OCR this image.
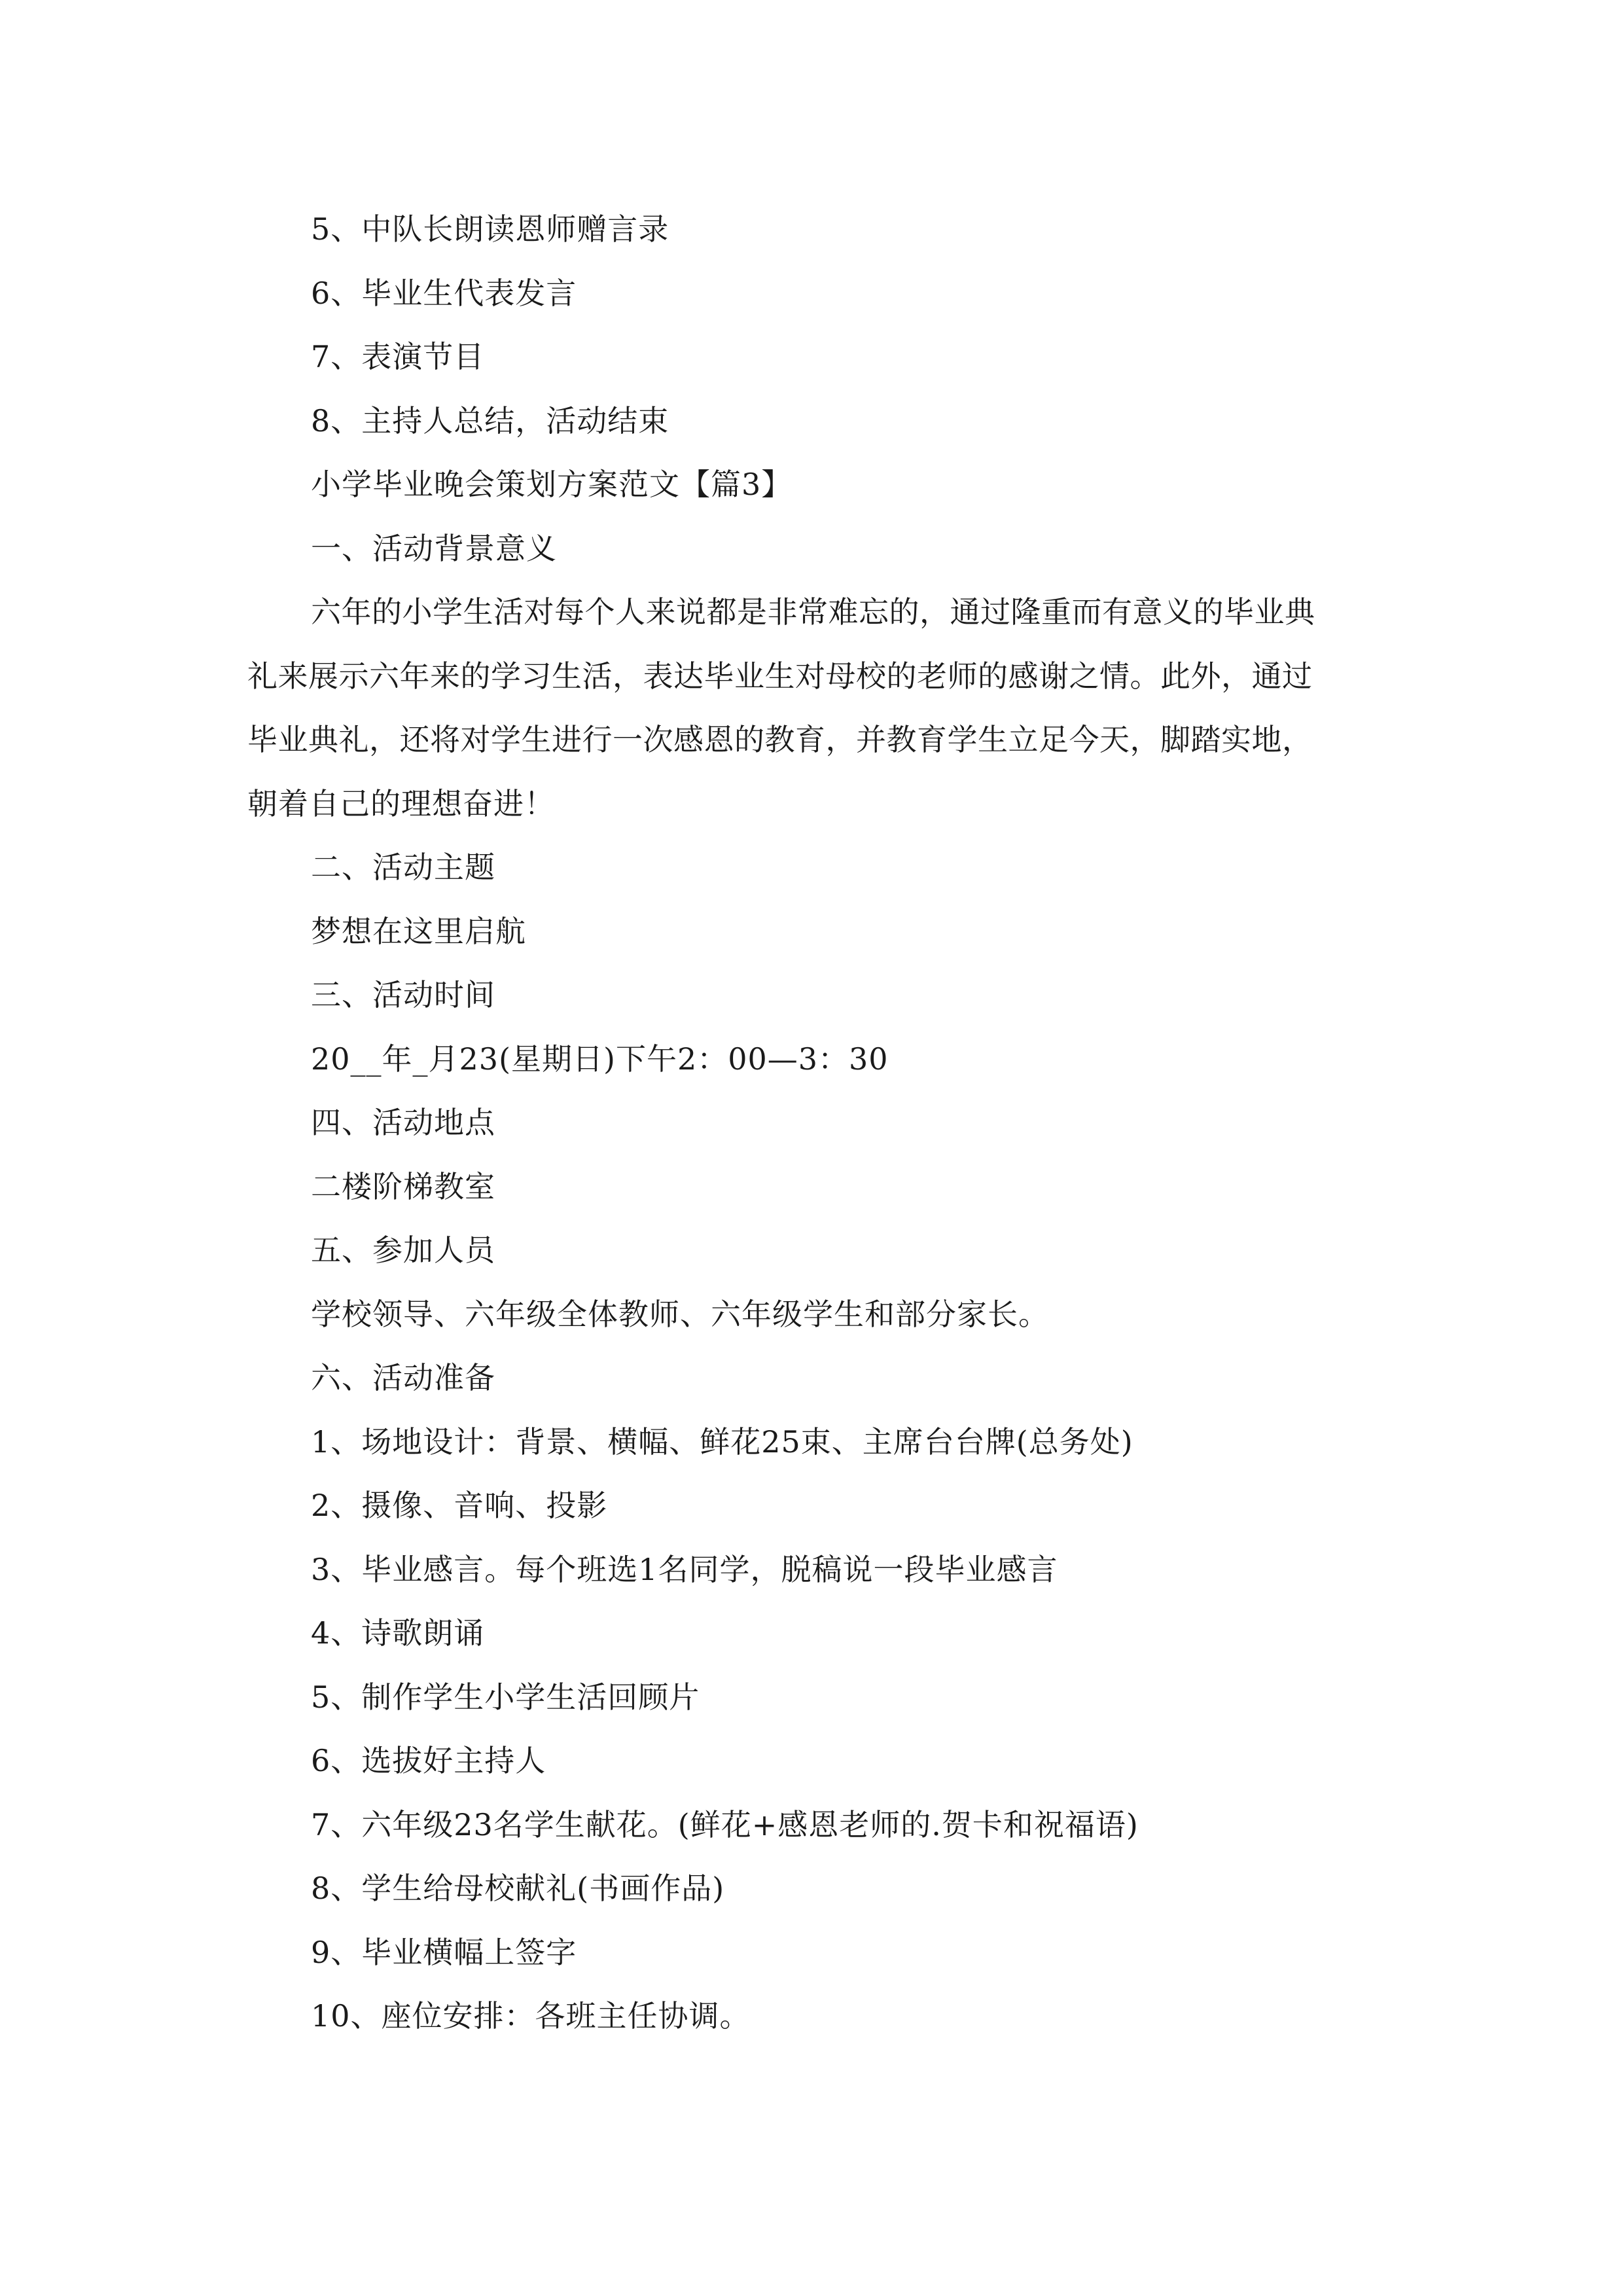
5、中队长朗读恩师赠言录
6、毕业生代表发言
7、表演节目
8、主持人总结，活动结束
小学毕业晚会策划方案范文【篇3】
一、活动背景意义
六年的小学生活对每个人来说都是非常难忘的，通过隆重而有意义的毕业典
礼来展示六年来的学习生活，表达毕业生对母校的老师的感谢之情。此外，通过
毕业典礼，还将对学生进行一次感恩的教育，并教育学生立足今天，脚踏实地，
朝着自己的理想奋进！
二、活动主题
梦想在这里启航
三、活动时间
20__年_月23(星期日)下午2：00—3：30
四、活动地点
二楼阶梯教室
五、参加人员
学校领导、六年级全体教师、六年级学生和部分家长。
六、活动准备
1、场地设计：背景、横幅、鲜花25束、主席台台牌(总务处)
2、摄像、音响、投影
3、毕业感言。每个班选1名同学，脱稿说一段毕业感言
4、诗歌朗诵
5、制作学生小学生活回顾片
6、选拔好主持人
7、六年级23名学生献花。(鲜花+感恩老师的.贺卡和祝福语)
8、学生给母校献礼(书画作品)
9、毕业横幅上签字
10、座位安排：各班主任协调。
